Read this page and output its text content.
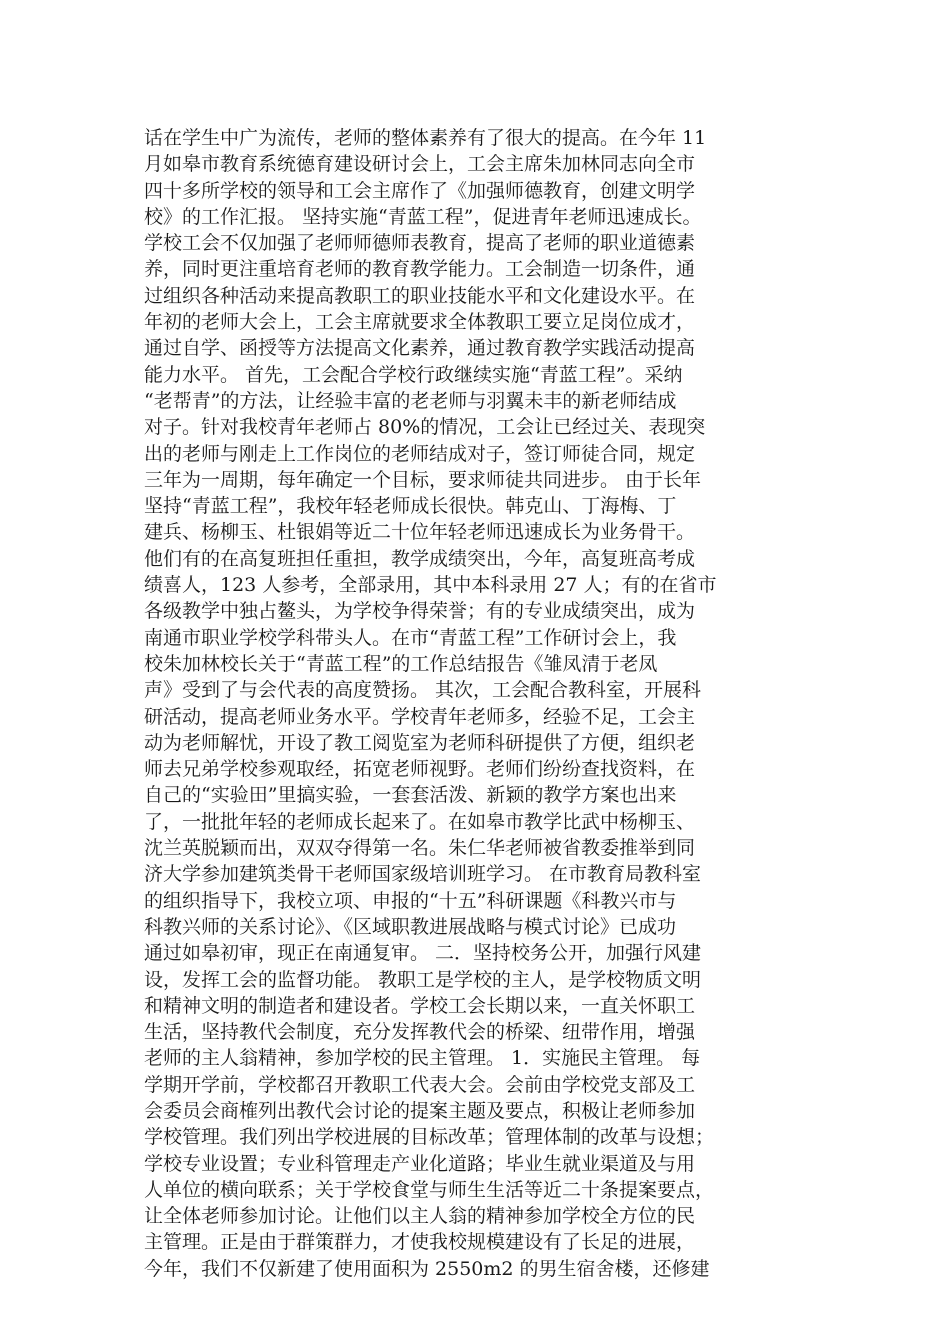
话在学生中广为流传，老师的整体素养有了很大的提高。在今年 11
月如皋市教育系统德育建设研讨会上，工会主席朱加林同志向全市
四十多所学校的领导和工会主席作了《加强师德教育，创建文明学
校》的工作汇报。 坚持实施“青蓝工程”，促进青年老师迅速成长。
学校工会不仅加强了老师师德师表教育，提高了老师的职业道德素
养，同时更注重培育老师的教育教学能力。工会制造一切条件，通
过组织各种活动来提高教职工的职业技能水平和文化建设水平。在
年初的老师大会上，工会主席就要求全体教职工要立足岗位成才，
通过自学、函授等方法提高文化素养，通过教育教学实践活动提高
能力水平。 首先，工会配合学校行政继续实施“青蓝工程”。采纳
“老帮青”的方法，让经验丰富的老老师与羽翼未丰的新老师结成
对子。针对我校青年老师占 80%的情况，工会让已经过关、表现突
出的老师与刚走上工作岗位的老师结成对子，签订师徒合同，规定
三年为一周期，每年确定一个目标，要求师徒共同进步。 由于长年
坚持“青蓝工程”，我校年轻老师成长很快。韩克山、丁海梅、丁
建兵、杨柳玉、杜银娟等近二十位年轻老师迅速成长为业务骨干。
他们有的在高复班担任重担，教学成绩突出，今年，高复班高考成
绩喜人，123 人参考，全部录用，其中本科录用 27 人；有的在省市
各级教学中独占鳌头，为学校争得荣誉；有的专业成绩突出，成为
南通市职业学校学科带头人。在市“青蓝工程”工作研讨会上，我
校朱加林校长关于“青蓝工程”的工作总结报告《雏凤清于老凤
声》受到了与会代表的高度赞扬。 其次，工会配合教科室，开展科
研活动，提高老师业务水平。学校青年老师多，经验不足，工会主
动为老师解忧，开设了教工阅览室为老师科研提供了方便，组织老
师去兄弟学校参观取经，拓宽老师视野。老师们纷纷查找资料，在
自己的“实验田”里搞实验，一套套活泼、新颖的教学方案也出来
了，一批批年轻的老师成长起来了。在如皋市教学比武中杨柳玉、
沈兰英脱颖而出，双双夺得第一名。朱仁华老师被省教委推举到同
济大学参加建筑类骨干老师国家级培训班学习。 在市教育局教科室
的组织指导下，我校立项、申报的“十五”科研课题《科教兴市与
科教兴师的关系讨论》、《区域职教进展战略与模式讨论》已成功
通过如皋初审，现正在南通复审。 二．坚持校务公开，加强行风建
设，发挥工会的监督功能。 教职工是学校的主人，是学校物质文明
和精神文明的制造者和建设者。学校工会长期以来，一直关怀职工
生活，坚持教代会制度，充分发挥教代会的桥梁、纽带作用，增强
老师的主人翁精神，参加学校的民主管理。 1．实施民主管理。 每
学期开学前，学校都召开教职工代表大会。会前由学校党支部及工
会委员会商榷列出教代会讨论的提案主题及要点，积极让老师参加
学校管理。我们列出学校进展的目标改革；管理体制的改革与设想；
学校专业设置；专业科管理走产业化道路；毕业生就业渠道及与用
人单位的横向联系；关于学校食堂与师生生活等近二十条提案要点，
让全体老师参加讨论。让他们以主人翁的精神参加学校全方位的民
主管理。正是由于群策群力，才使我校规模建设有了长足的进展，
今年，我们不仅新建了使用面积为 2550m2 的男生宿舍楼，还修建
